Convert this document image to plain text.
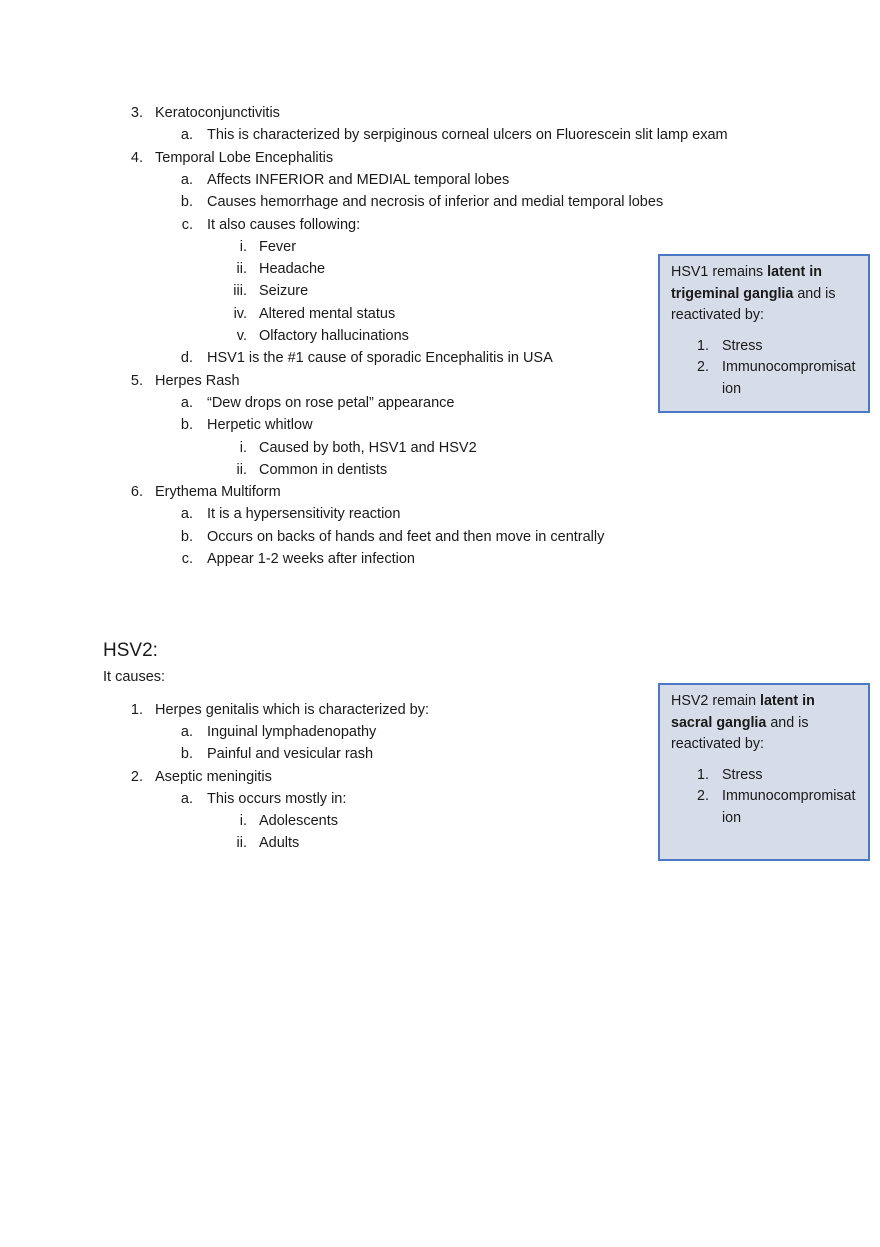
3. Keratoconjunctivitis
a. This is characterized by serpiginous corneal ulcers on Fluorescein slit lamp exam
4. Temporal Lobe Encephalitis
a. Affects INFERIOR and MEDIAL temporal lobes
b. Causes hemorrhage and necrosis of inferior and medial temporal lobes
c. It also causes following:
i. Fever
ii. Headache
iii. Seizure
iv. Altered mental status
v. Olfactory hallucinations
d. HSV1 is the #1 cause of sporadic Encephalitis in USA
5. Herpes Rash
a. “Dew drops on rose petal” appearance
b. Herpetic whitlow
i. Caused by both, HSV1 and HSV2
ii. Common in dentists
6. Erythema Multiform
a. It is a hypersensitivity reaction
b. Occurs on backs of hands and feet and then move in centrally
c. Appear 1-2 weeks after infection

HSV1 remains latent in trigeminal ganglia and is reactivated by:

1. Stress
2. Immunocompromisation
HSV2:
It causes:
1. Herpes genitalis which is characterized by:
a. Inguinal lymphadenopathy
b. Painful and vesicular rash
2. Aseptic meningitis
a. This occurs mostly in:
i. Adolescents
ii. Adults

HSV2 remain latent in sacral ganglia and is reactivated by:

1. Stress
2. Immunocompromisation
